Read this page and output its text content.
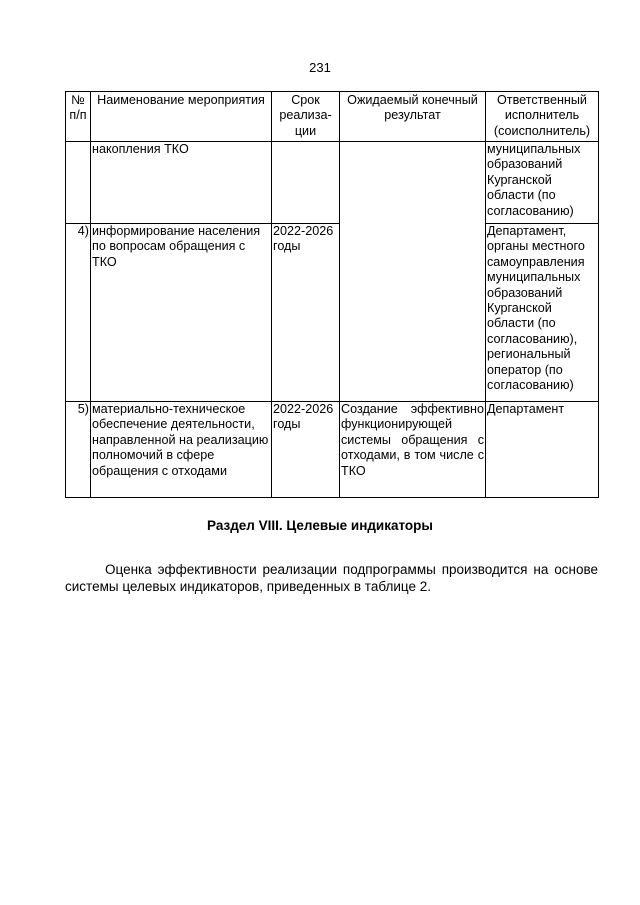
231
№ п/п	Наименование мероприятия	Срок реализа-ции	Ожидаемый конечный результат	Ответственный исполнитель (соисполнитель)
	накопления ТКО			муниципальных образований Курганской области (по согласованию)
4)	информирование населения по вопросам обращения с ТКО	2022-2026 годы		Департамент, органы местного самоуправления муниципальных образований Курганской области (по согласованию), региональный оператор (по согласованию)
5)	материально-техническое обеспечение деятельности, направленной на реализацию полномочий в сфере обращения с отходами	2022-2026 годы	Создание эффективно функционирующей системы обращения с отходами, в том числе с ТКО	Департамент
Раздел VIII. Целевые индикаторы

Оценка эффективности реализации подпрограммы производится на основе системы целевых индикаторов, приведенных в таблице 2.
